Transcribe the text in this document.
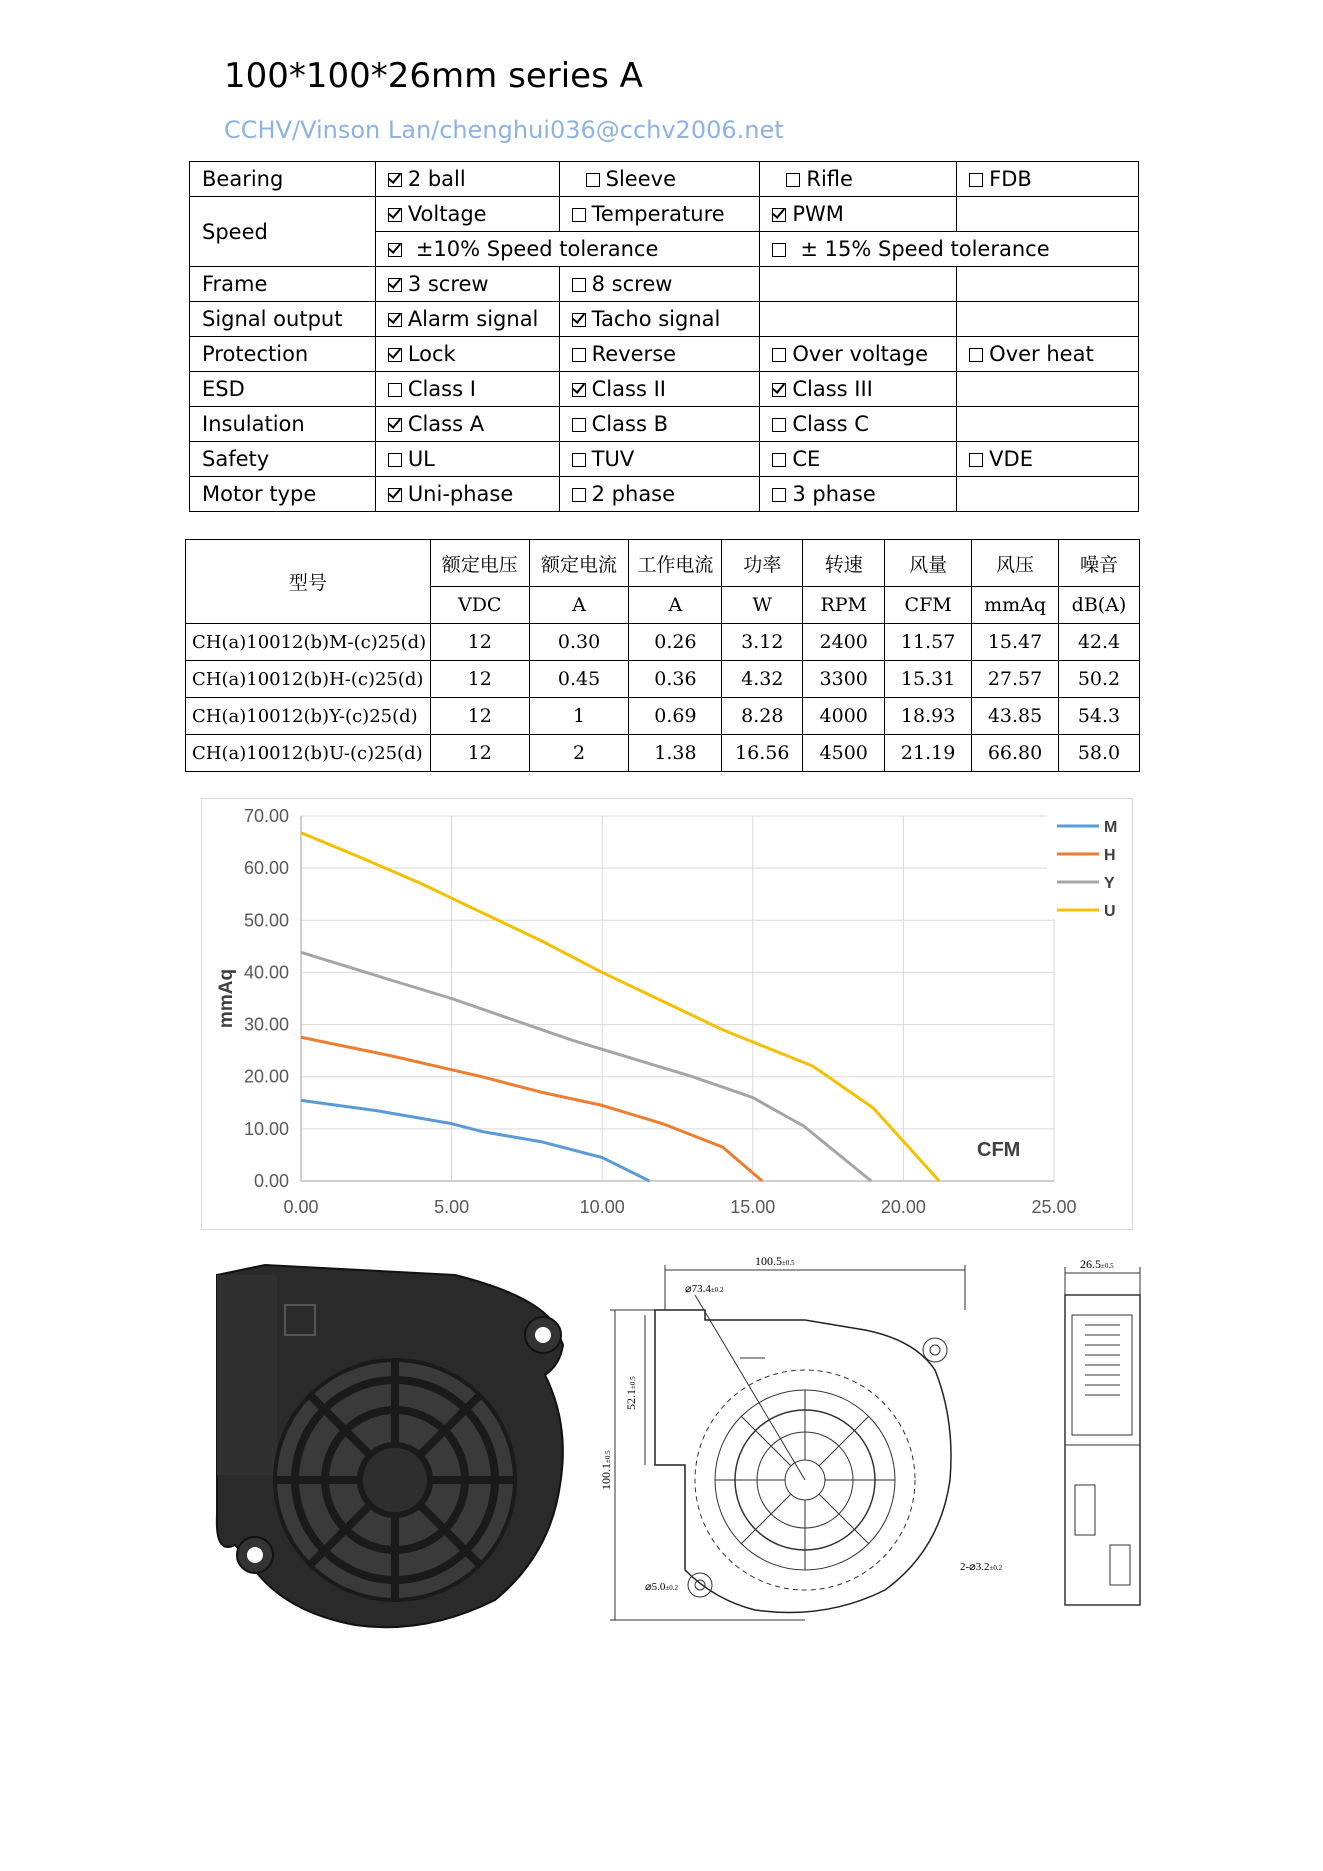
100*100*26mm series A
CCHV/Vinson Lan/chenghui036@cchv2006.net
Bearing	2 ball	Sleeve	Rifle	FDB
Speed	Voltage	Temperature	PWM	
	±10% Speed tolerance		± 15% Speed tolerance	
Frame	3 screw	8 screw		
Signal output	Alarm signal	Tacho signal		
Protection	Lock	Reverse	Over voltage	Over heat
ESD	Class I	Class II	Class III	
Insulation	Class A	Class B	Class C	
Safety	UL	TUV	CE	VDE
Motor type	Uni-phase	2 phase	3 phase	
型号	额定电压	额定电流	工作电流	功率	转速	风量	风压	噪音
	VDC	A	A	W	RPM	CFM	mmAq	dB(A)
CH(a)10012(b)M-(c)25(d)	12	0.30	0.26	3.12	2400	11.57	15.47	42.4
CH(a)10012(b)H-(c)25(d)	12	0.45	0.36	4.32	3300	15.31	27.57	50.2
CH(a)10012(b)Y-(c)25(d)	12	1	0.69	8.28	4000	18.93	43.85	54.3
CH(a)10012(b)U-(c)25(d)	12	2	1.38	16.56	4500	21.19	66.80	58.0
0.00
10.00
20.00
30.00
40.00
50.00
60.00
70.00
0.00	5.00	10.00	15.00	20.00	25.00
mmAq
CFM
M
H
Y
U
100.5±0.5
⌀73.4±0.2
52.1±0.5
100.1±0.5
⌀5.0±0.2
2-⌀3.2±0.2
26.5±0.5
